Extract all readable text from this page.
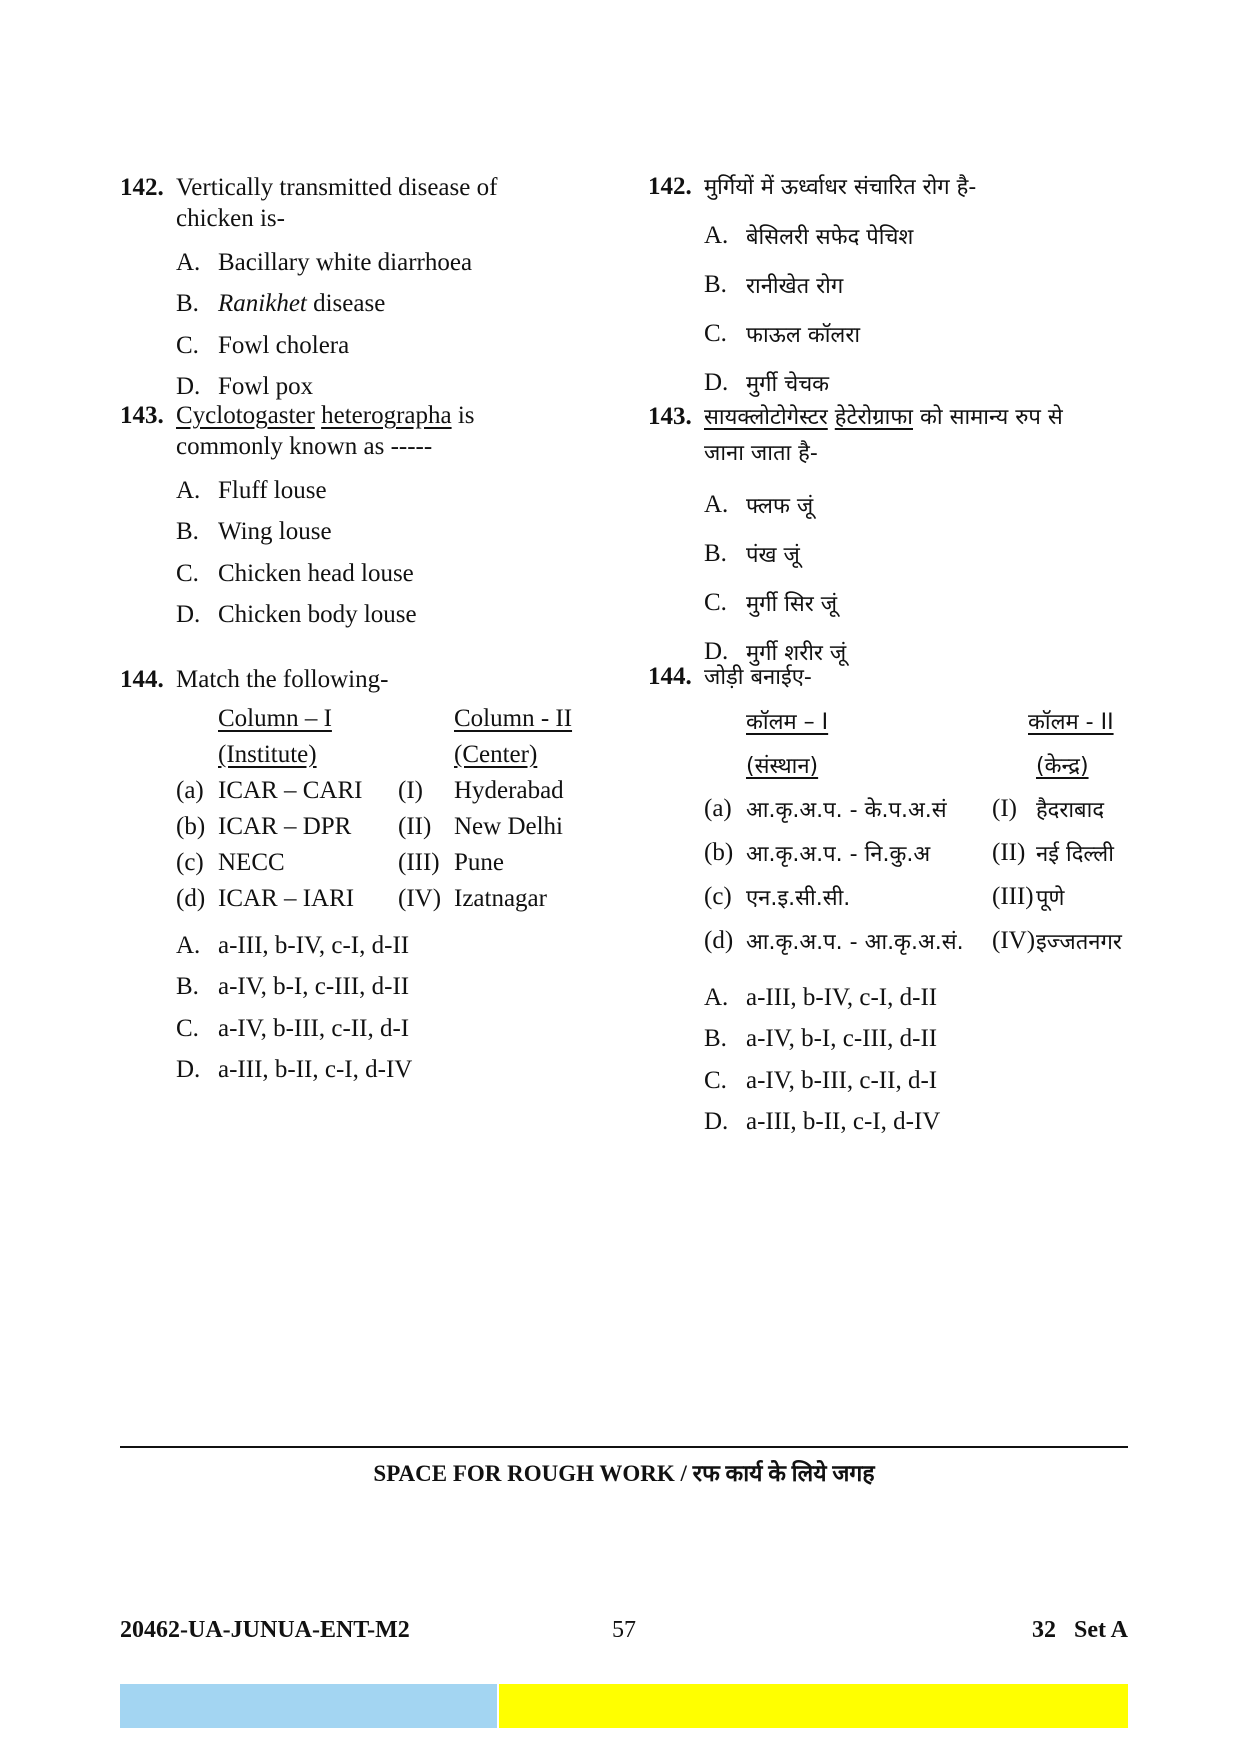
142. Vertically transmitted disease of
chicken is-
A. Bacillary white diarrhoea
B. Ranikhet disease
C. Fowl cholera
D. Fowl pox
143. Cyclotogaster heterographa is
commonly known as -----
A. Fluff louse
B. Wing louse
C. Chicken head louse
D. Chicken body louse
144. Match the following-
Column – I	Column - II
(Institute)	(Center)
(a) ICAR – CARI	(I)	Hyderabad
(b) ICAR – DPR	(II) New Delhi
(c) NECC	(III) Pune
(d) ICAR – IARI	(IV) Izatnagar
A. a-III, b-IV, c-I, d-II
B. a-IV, b-I, c-III, d-II
C. a-IV, b-III, c-II, d-I
D. a-III, b-II, c-I, d-IV
142. मुर्गियों में ऊर्ध्वाधर संचारित रोग है-
A. बेसिलरी सफेद पेचिश
B. रानीखेत रोग
C. फाऊल कॉलरा
D. मुर्गी चेचक
143. सायक्लोटोगेस्टर हेटेरोग्राफा को सामान्य रुप से
जाना जाता है-
A. फ्लफ जूं
B. पंख जूं
C. मुर्गी सिर जूं
D. मुर्गी शरीर जूं
144. जोड़ी बनाईए-
कॉलम – I	कॉलम - II
(संस्थान)	(केन्द्र)
(a) आ.कृ.अ.प. - के.प.अ.सं	(I) हैदराबाद
(b) आ.कृ.अ.प. - नि.कु.अ	(II) नई दिल्ली
(c) एन.इ.सी.सी.	(III) पूणे
(d) आ.कृ.अ.प. - आ.कृ.अ.सं.	(IV) इज्जतनगर
A. a-III, b-IV, c-I, d-II
B. a-IV, b-I, c-III, d-II
C. a-IV, b-III, c-II, d-I
D. a-III, b-II, c-I, d-IV
SPACE FOR ROUGH WORK / रफ कार्य के लिये जगह
20462-UA-JUNUA-ENT-M2	57	32   Set A
